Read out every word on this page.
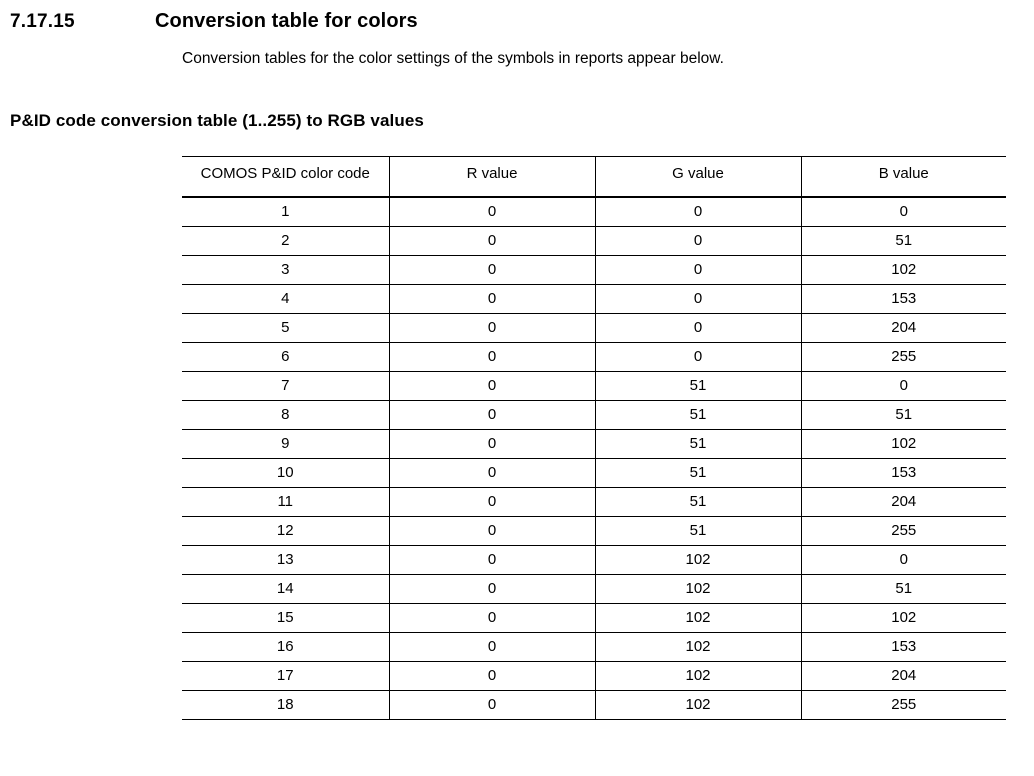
7.17.15	Conversion table for colors

Conversion tables for the color settings of the symbols in reports appear below.

P&ID code conversion table (1..255) to RGB values
COMOS P&ID color code	R value	G value	B value
1	0	0	0
2	0	0	51
3	0	0	102
4	0	0	153
5	0	0	204
6	0	0	255
7	0	51	0
8	0	51	51
9	0	51	102
10	0	51	153
11	0	51	204
12	0	51	255
13	0	102	0
14	0	102	51
15	0	102	102
16	0	102	153
17	0	102	204
18	0	102	255
